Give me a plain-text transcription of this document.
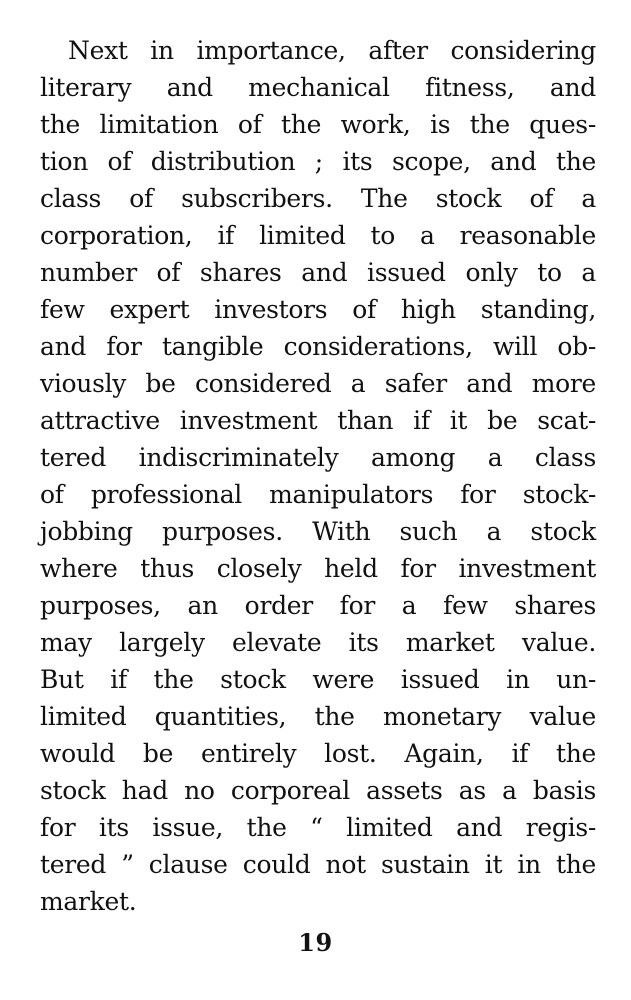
Next in importance, after considering
literary and mechanical fitness, and
the limitation of the work, is the ques-
tion of distribution ; its scope, and the
class of subscribers. The stock of a
corporation, if limited to a reasonable
number of shares and issued only to a
few expert investors of high standing,
and for tangible considerations, will ob-
viously be considered a safer and more
attractive investment than if it be scat-
tered indiscriminately among a class
of professional manipulators for stock-
jobbing purposes. With such a stock
where thus closely held for investment
purposes, an order for a few shares
may largely elevate its market value.
But if the stock were issued in un-
limited quantities, the monetary value
would be entirely lost. Again, if the
stock had no corporeal assets as a basis
for its issue, the “ limited and regis-
tered ” clause could not sustain it in the
market.
19
